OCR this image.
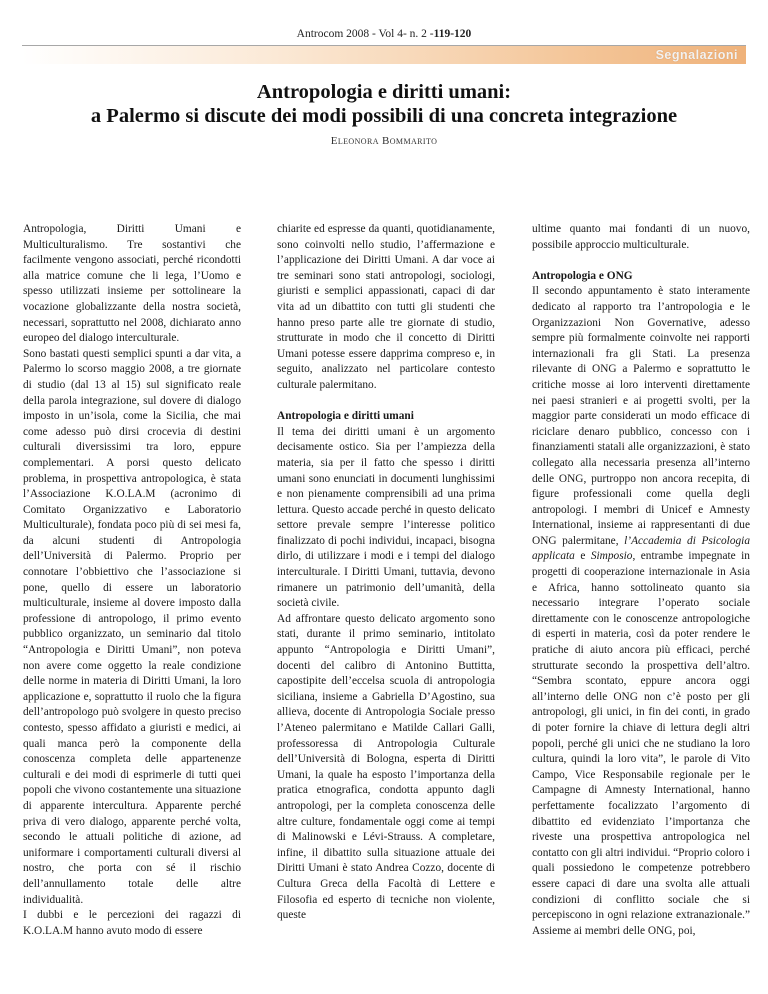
Antrocom 2008 - Vol 4- n. 2 -119-120
Segnalazioni
Antropologia e diritti umani:
a Palermo si discute dei modi possibili di una concreta integrazione
Eleonora Bommarito

Antropologia, Diritti Umani e Multiculturalismo. Tre sostantivi che facilmente vengono associati, perché ricondotti alla matrice comune che li lega, l’Uomo e spesso utilizzati insieme per sottolineare la vocazione globalizzante della nostra società, necessari, soprattutto nel 2008, dichiarato anno europeo del dialogo interculturale.

Sono bastati questi semplici spunti a dar vita, a Palermo lo scorso maggio 2008, a tre giornate di studio (dal 13 al 15) sul significato reale della parola integrazione, sul dovere di dialogo imposto in un’isola, come la Sicilia, che mai come adesso può dirsi crocevia di destini culturali diversissimi tra loro, eppure complementari. A porsi questo delicato problema, in prospettiva antropologica, è stata l’Associazione K.O.LA.M (acronimo di Comitato Organizzativo e Laboratorio Multiculturale), fondata poco più di sei mesi fa, da alcuni studenti di Antropologia dell’Università di Palermo. Proprio per connotare l’obbiettivo che l’associazione si pone, quello di essere un laboratorio multiculturale, insieme al dovere imposto dalla professione di antropologo, il primo evento pubblico organizzato, un seminario dal titolo “Antropologia e Diritti Umani”, non poteva non avere come oggetto la reale condizione delle norme in materia di Diritti Umani, la loro applicazione e, soprattutto il ruolo che la figura dell’antropologo può svolgere in questo preciso contesto, spesso affidato a giuristi e medici, ai quali manca però la componente della conoscenza completa delle appartenenze culturali e dei modi di esprimerle di tutti quei popoli che vivono costantemente una situazione di apparente intercultura. Apparente perché priva di vero dialogo, apparente perché volta, secondo le attuali politiche di azione, ad uniformare i comportamenti culturali diversi al nostro, che porta con sé il rischio dell’annullamento totale delle altre individualità.

I dubbi e le percezioni dei ragazzi di K.O.LA.M hanno avuto modo di essere

chiarite ed espresse da quanti, quotidianamente, sono coinvolti nello studio, l’affermazione e l’applicazione dei Diritti Umani. A dar voce ai tre seminari sono stati antropologi, sociologi, giuristi e semplici appassionati, capaci di dar vita ad un dibattito con tutti gli studenti che hanno preso parte alle tre giornate di studio, strutturate in modo che il concetto di Diritti Umani potesse essere dapprima compreso e, in seguito, analizzato nel particolare contesto culturale palermitano.

Antropologia e diritti umani

Il tema dei diritti umani è un argomento decisamente ostico. Sia per l’ampiezza della materia, sia per il fatto che spesso i diritti umani sono enunciati in documenti lunghissimi e non pienamente comprensibili ad una prima lettura. Questo accade perché in questo delicato settore prevale sempre l’interesse politico finalizzato di pochi individui, incapaci, bisogna dirlo, di utilizzare i modi e i tempi del dialogo interculturale. I Diritti Umani, tuttavia, devono rimanere un patrimonio dell’umanità, della società civile.

Ad affrontare questo delicato argomento sono stati, durante il primo seminario, intitolato appunto “Antropologia e Diritti Umani”, docenti del calibro di Antonino Buttitta, capostipite dell’eccelsa scuola di antropologia siciliana, insieme a Gabriella D’Agostino, sua allieva, docente di Antropologia Sociale presso l’Ateneo palermitano e Matilde Callari Galli, professoressa di Antropologia Culturale dell’Università di Bologna, esperta di Diritti Umani, la quale ha esposto l’importanza della pratica etnografica, condotta appunto dagli antropologi, per la completa conoscenza delle altre culture, fondamentale oggi come ai tempi di Malinowski e Lévi-Strauss. A completare, infine, il dibattito sulla situazione attuale dei Diritti Umani è stato Andrea Cozzo, docente di Cultura Greca della Facoltà di Lettere e Filosofia ed esperto di tecniche non violente, queste

ultime quanto mai fondanti di un nuovo, possibile approccio multiculturale.

Antropologia e ONG

Il secondo appuntamento è stato interamente dedicato al rapporto tra l’antropologia e le Organizzazioni Non Governative, adesso sempre più formalmente coinvolte nei rapporti internazionali fra gli Stati. La presenza rilevante di ONG a Palermo e soprattutto le critiche mosse ai loro interventi direttamente nei paesi stranieri e ai progetti svolti, per la maggior parte considerati un modo efficace di riciclare denaro pubblico, concesso con i finanziamenti statali alle organizzazioni, è stato collegato alla necessaria presenza all’interno delle ONG, purtroppo non ancora recepita, di figure professionali come quella degli antropologi. I membri di Unicef e Amnesty International, insieme ai rappresentanti di due ONG palermitane, l’Accademia di Psicologia applicata e Simposio, entrambe impegnate in progetti di cooperazione internazionale in Asia e Africa, hanno sottolineato quanto sia necessario integrare l’operato sociale direttamente con le conoscenze antropologiche di esperti in materia, così da poter rendere le pratiche di aiuto ancora più efficaci, perché strutturate secondo la prospettiva dell’altro. “Sembra scontato, eppure ancora oggi all’interno delle ONG non c’è posto per gli antropologi, gli unici, in fin dei conti, in grado di poter fornire la chiave di lettura degli altri popoli, perché gli unici che ne studiano la loro cultura, quindi la loro vita”, le parole di Vito Campo, Vice Responsabile regionale per le Campagne di Amnesty International, hanno perfettamente focalizzato l’argomento di dibattito ed evidenziato l’importanza che riveste una prospettiva antropologica nel contatto con gli altri individui. “Proprio coloro i quali possiedono le competenze potrebbero essere capaci di dare una svolta alle attuali condizioni di conflitto sociale che si percepiscono in ogni relazione extranazionale.” Assieme ai membri delle ONG, poi,
